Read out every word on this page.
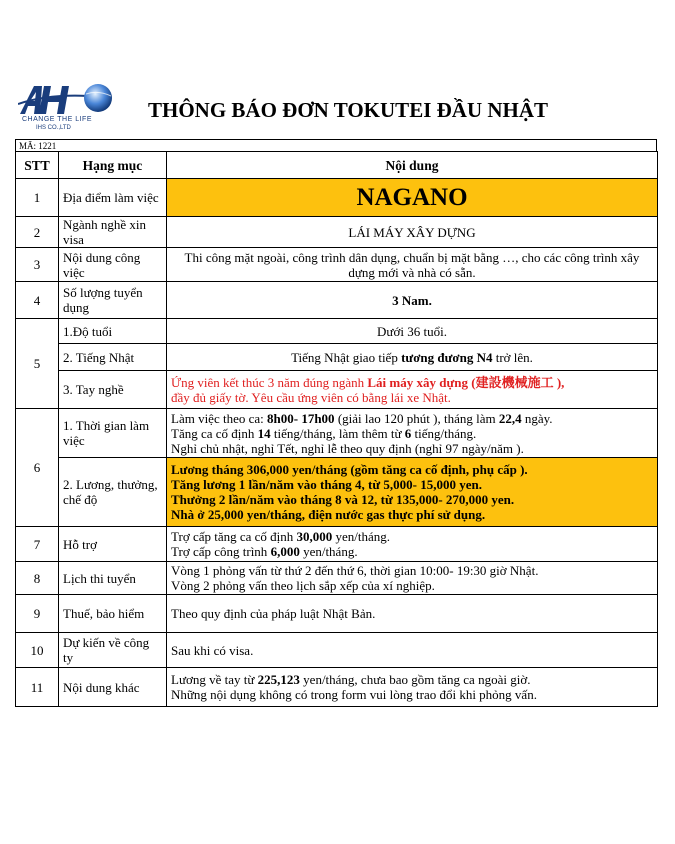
CHANGE THE LIFE
IHS CO.,LTD
THÔNG BÁO ĐƠN TOKUTEI ĐẦU NHẬT
MÃ: 1221
STT	Hạng mục	Nội dung
1	Địa điểm làm việc	NAGANO
2	Ngành nghề xin visa	LÁI MÁY XÂY DỰNG
3	Nội dung công việc	Thi công mặt ngoài, công trình dân dụng, chuẩn bị mặt bằng …, cho các công trình xây dựng mới và nhà có sẵn.
4	Số lượng tuyển dụng	3 Nam.
5	1.Độ tuổi	Dưới 36 tuổi.
	2. Tiếng Nhật	Tiếng Nhật giao tiếp tương đương N4 trở lên.
	3. Tay nghề	Ứng viên kết thúc 3 năm đúng ngành Lái máy xây dựng (建設機械施工 ),
đầy đủ giấy tờ. Yêu cầu ứng viên có bằng lái xe Nhật.
6	1. Thời gian làm việc	Làm việc theo ca: 8h00- 17h00 (giải lao 120 phút ), tháng làm 22,4 ngày.
Tăng ca cố định 14 tiếng/tháng, làm thêm từ 6 tiếng/tháng.
Nghỉ chủ nhật, nghỉ Tết, nghỉ lễ theo quy định (nghỉ 97 ngày/năm ).

	2. Lương, thưởng, chế độ	Lương tháng 306,000 yen/tháng (gồm tăng ca cố định, phụ cấp ).
Tăng lương 1 lần/năm vào tháng 4, từ 5,000- 15,000 yen.
Thưởng 2 lần/năm vào tháng 8 và 12, từ 135,000- 270,000 yen.
Nhà ở 25,000 yen/tháng, điện nước gas thực phí sử dụng.

7	Hỗ trợ	Trợ cấp tăng ca cố định 30,000 yen/tháng.
Trợ cấp công trình 6,000 yen/tháng.

8	Lịch thi tuyển	Vòng 1 phỏng vấn từ thứ 2 đến thứ 6, thời gian 10:00- 19:30 giờ Nhật.
Vòng 2 phỏng vấn theo lịch sắp xếp của xí nghiệp.

9	Thuế, bảo hiểm	Theo quy định của pháp luật Nhật Bản.
10	Dự kiến về công ty	Sau khi có visa.
11	Nội dung khác	Lương về tay từ 225,123 yen/tháng, chưa bao gồm tăng ca ngoài giờ.
Những nội dụng không có trong form vui lòng trao đổi khi phỏng vấn.
